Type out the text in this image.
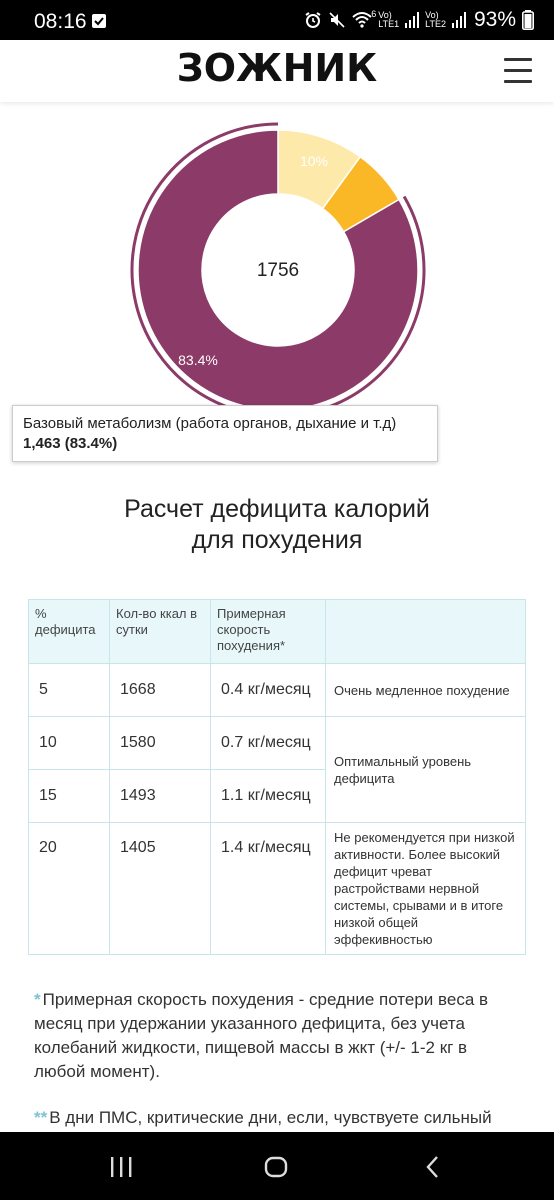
08:16	6 Vo)
LTE1
Vo)
LTE2 93%
ЗОЖНИК
10%
83.4%
1756
Базовый метаболизм (работа органов, дыхание и т.д)
1,463 (83.4%)
Расчет дефицита калорий
для похудения
% дефицита	Кол-во ккал в сутки	Примерная скорость похудения*	
5	1668	0.4 кг/месяц	Очень медленное похудение
10	1580	0.7 кг/месяц	Оптимальный уровень дефицита
15	1493	1.1 кг/месяц	
20	1405	1.4 кг/месяц	Не рекомендуется при низкой активности. Более высокий дефицит чреват растройствами нервной системы, срывами и в итоге низкой общей эффекивностью
* Примерная скорость похудения - средние потери веса в месяц при удержании указанного дефицита, без учета колебаний жидкости, пищевой массы в жкт (+/- 1-2 кг в любой момент).
** В дни ПМС, критические дни, если, чувствуете сильный
